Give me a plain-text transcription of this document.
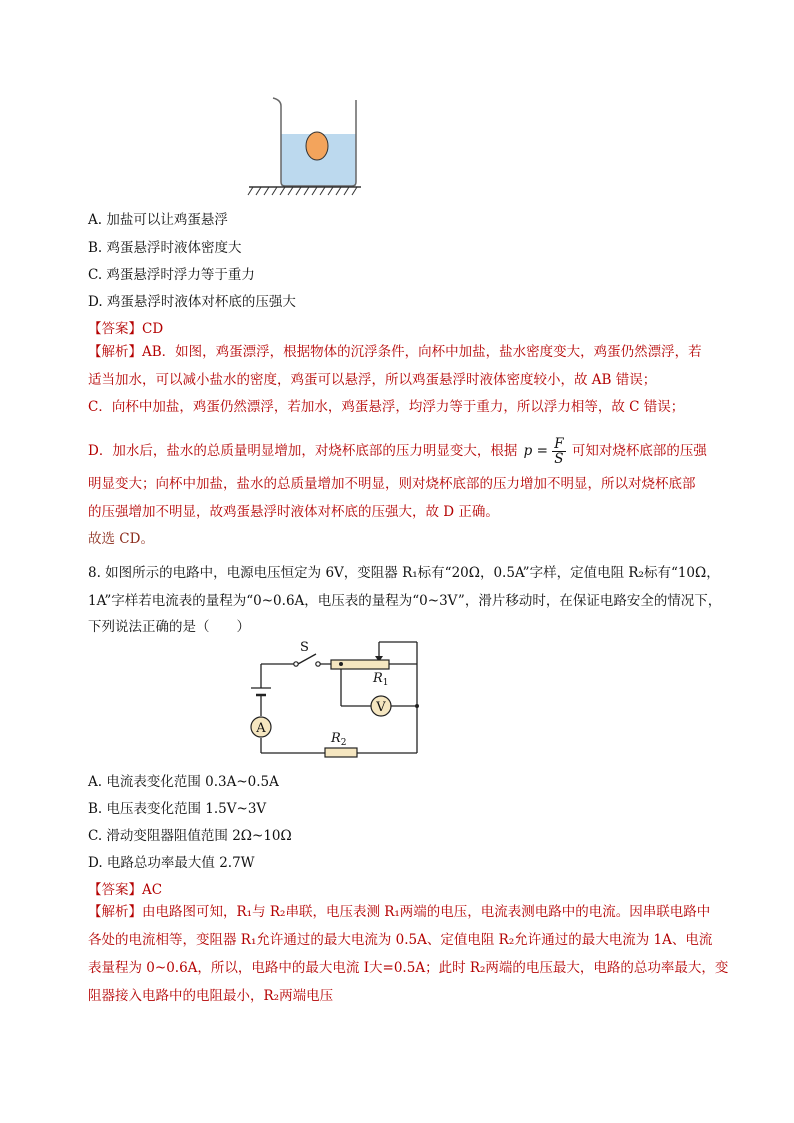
A. 加盐可以让鸡蛋悬浮
B. 鸡蛋悬浮时液体密度大
C. 鸡蛋悬浮时浮力等于重力
D. 鸡蛋悬浮时液体对杯底的压强大
【答案】CD
【解析】AB．如图，鸡蛋漂浮，根据物体的沉浮条件，向杯中加盐，盐水密度变大，鸡蛋仍然漂浮，若
适当加水，可以减小盐水的密度，鸡蛋可以悬浮，所以鸡蛋悬浮时液体密度较小，故 AB 错误；
C．向杯中加盐，鸡蛋仍然漂浮，若加水，鸡蛋悬浮，均浮力等于重力，所以浮力相等，故 C 错误；
D．加水后，盐水的总质量明显增加，对烧杯底部的压力明显变大，根据 $p = \frac{F}{S}$ 可知对烧杯底部的压强
明显变大；向杯中加盐，盐水的总质量增加不明显，则对烧杯底部的压力增加不明显，所以对烧杯底部
的压强增加不明显，故鸡蛋悬浮时液体对杯底的压强大，故 D 正确。
故选 CD。
8. 如图所示的电路中，电源电压恒定为 6V，变阻器 R₁标有“20Ω，0.5A”字样，定值电阻 R₂标有“10Ω，
1A”字样若电流表的量程为“0~0.6A，电压表的量程为“0~3V”，滑片移动时，在保证电路安全的情况下，
下列说法正确的是（　　）
V
A
S
$R_1$
$R_2$
A. 电流表变化范围 0.3A~0.5A
B. 电压表变化范围 1.5V~3V
C. 滑动变阻器阻值范围 2Ω~10Ω
D. 电路总功率最大值 2.7W
【答案】AC
【解析】由电路图可知，R₁与 R₂串联，电压表测 R₁两端的电压，电流表测电路中的电流。因串联电路中
各处的电流相等，变阻器 R₁允许通过的最大电流为 0.5A、定值电阻 R₂允许通过的最大电流为 1A、电流
表量程为 0~0.6A，所以，电路中的最大电流 I大=0.5A；此时 R₂两端的电压最大，电路的总功率最大，变
阻器接入电路中的电阻最小，R₂两端电压
